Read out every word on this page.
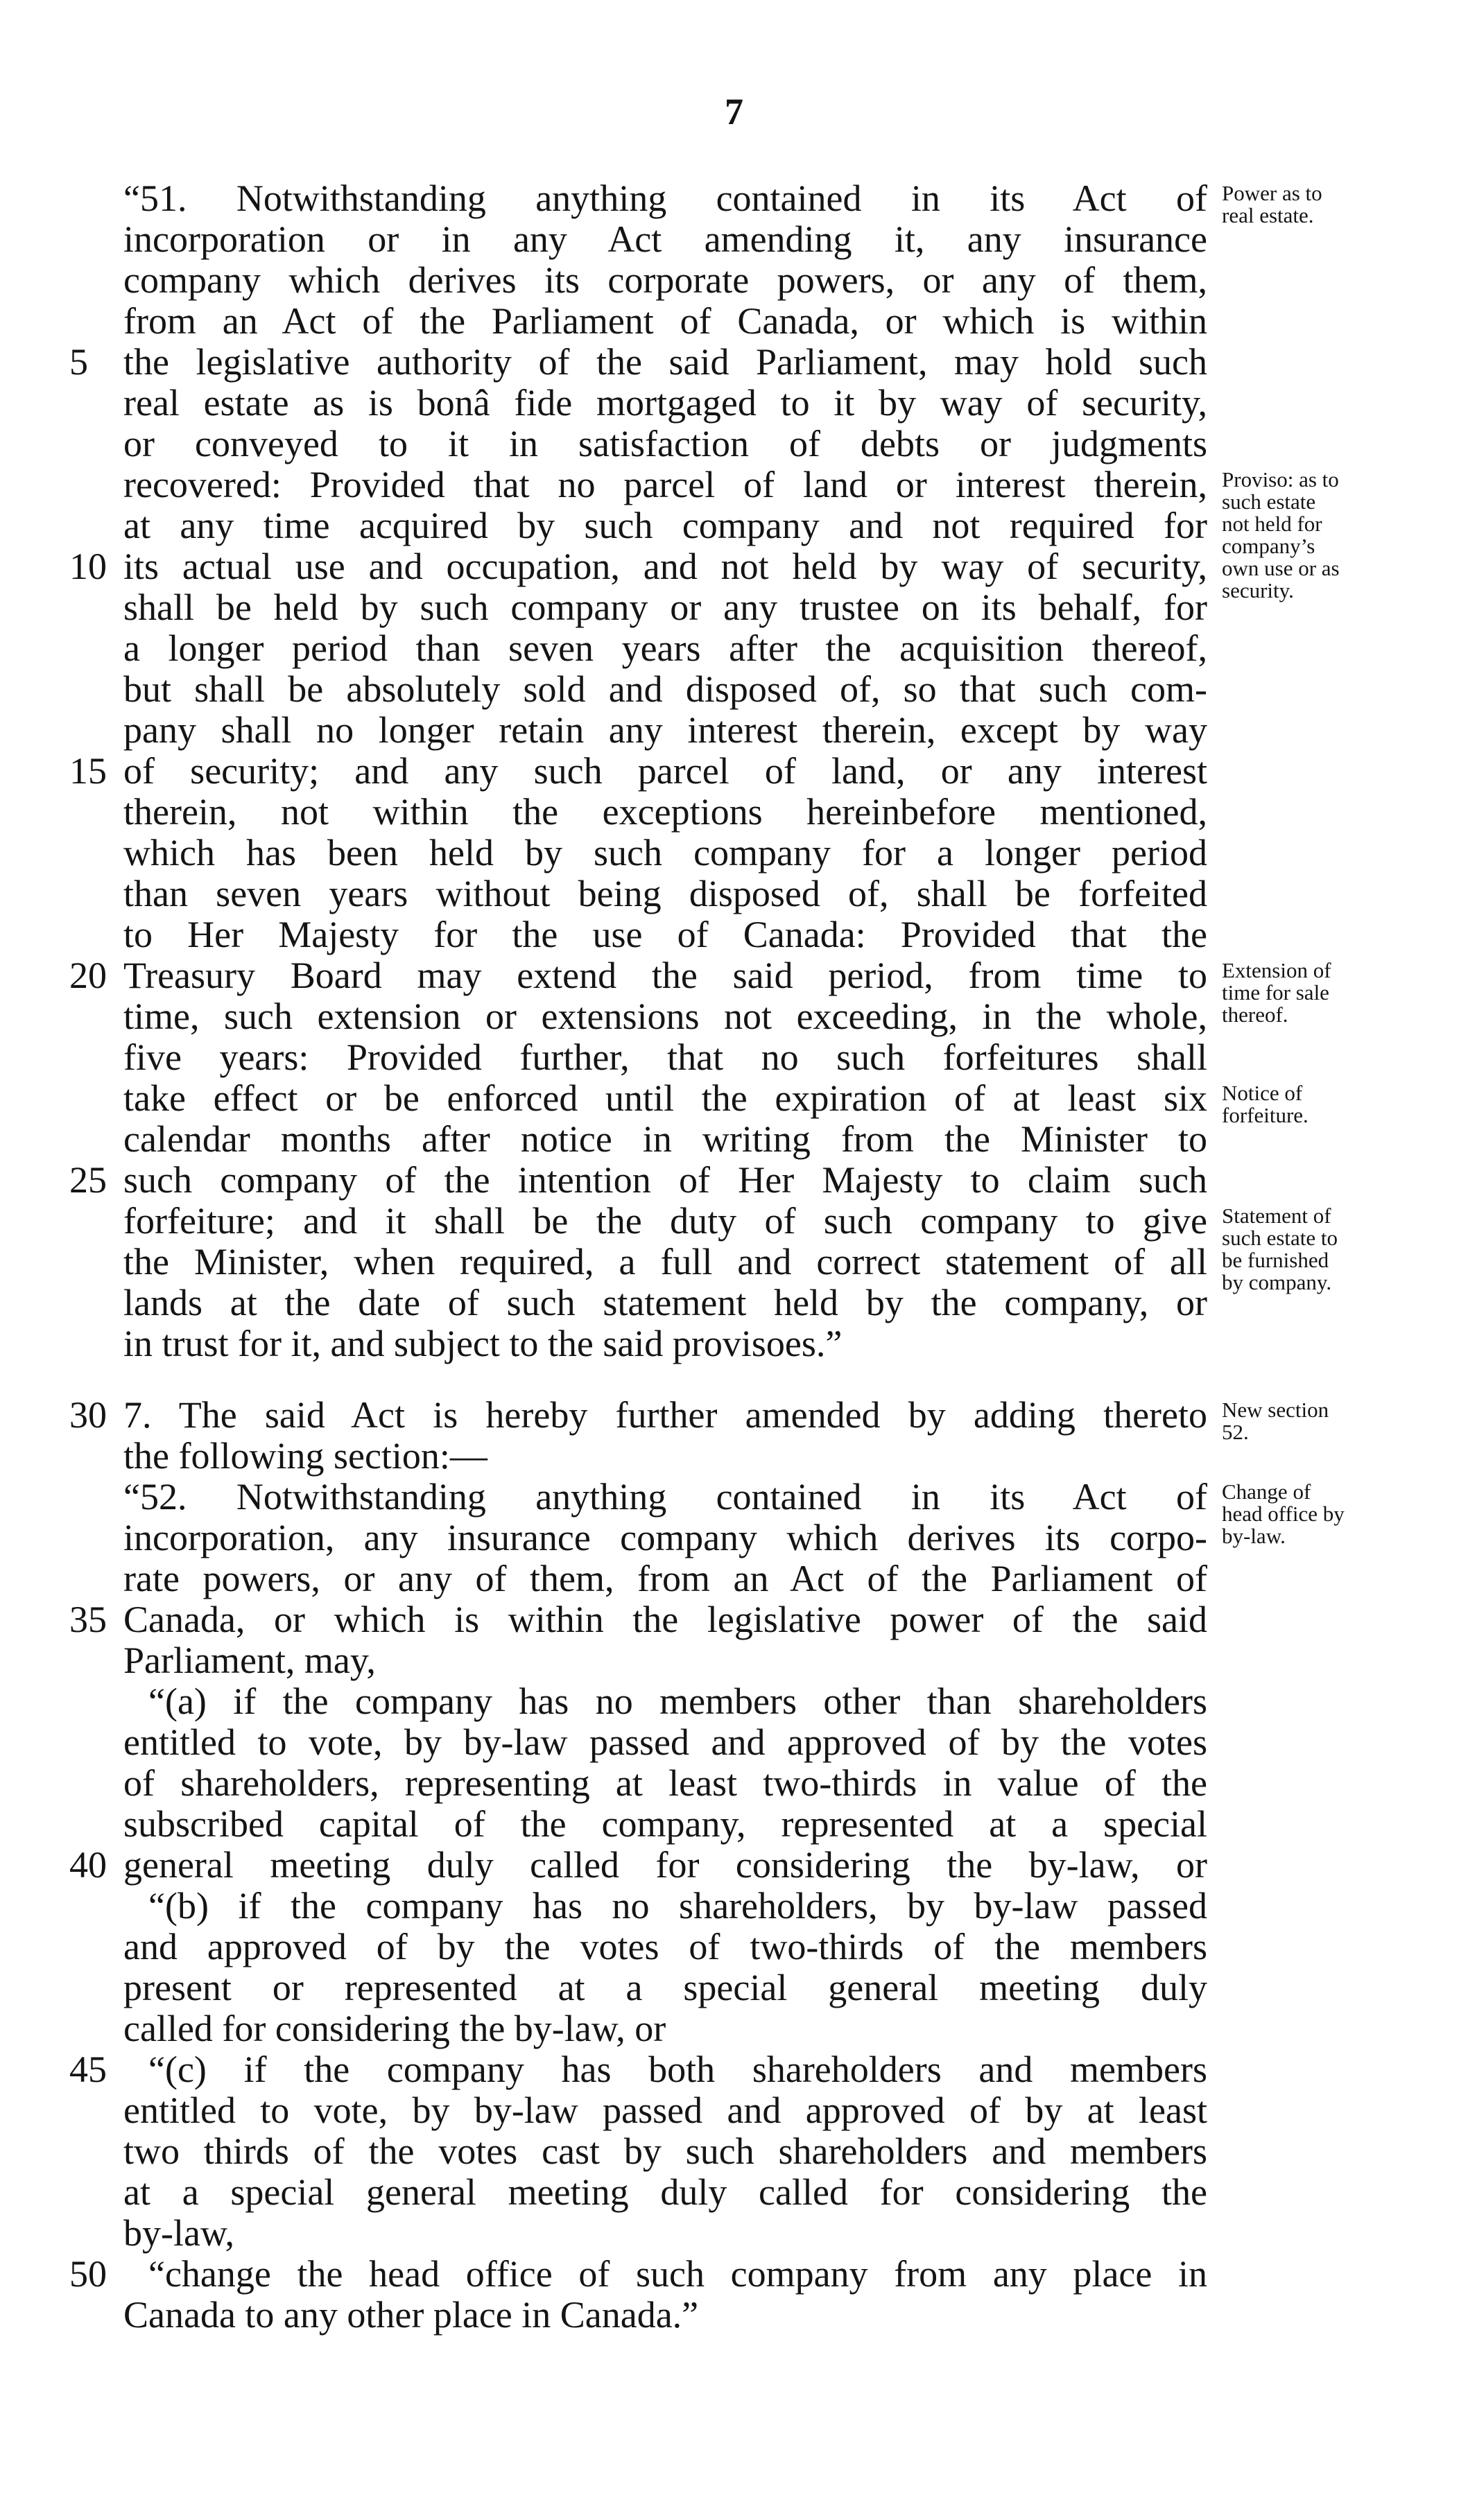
7
“51. Notwithstanding anything contained in its Act of
incorporation or in any Act amending it, any insurance
company which derives its corporate powers, or any of them,
from an Act of the Parliament of Canada, or which is within
the legislative authority of the said Parliament, may hold such
real estate as is bonâ fide mortgaged to it by way of security,
or conveyed to it in satisfaction of debts or judgments
recovered: Provided that no parcel of land or interest therein,
at any time acquired by such company and not required for
its actual use and occupation, and not held by way of security,
shall be held by such company or any trustee on its behalf, for
a longer period than seven years after the acquisition thereof,
but shall be absolutely sold and disposed of, so that such com-
pany shall no longer retain any interest therein, except by way
of security; and any such parcel of land, or any interest
therein, not within the exceptions hereinbefore mentioned,
which has been held by such company for a longer period
than seven years without being disposed of, shall be forfeited
to Her Majesty for the use of Canada: Provided that the
Treasury Board may extend the said period, from time to
time, such extension or extensions not exceeding, in the whole,
five years: Provided further, that no such forfeitures shall
take effect or be enforced until the expiration of at least six
calendar months after notice in writing from the Minister to
such company of the intention of Her Majesty to claim such
forfeiture; and it shall be the duty of such company to give
the Minister, when required, a full and correct statement of all
lands at the date of such statement held by the company, or
in trust for it, and subject to the said provisoes.”
7. The said Act is hereby further amended by adding thereto
the following section:—
“52. Notwithstanding anything contained in its Act of
incorporation, any insurance company which derives its corpo-
rate powers, or any of them, from an Act of the Parliament of
Canada, or which is within the legislative power of the said
Parliament, may,
“(a) if the company has no members other than shareholders
entitled to vote, by by-law passed and approved of by the votes
of shareholders, representing at least two-thirds in value of the
subscribed capital of the company, represented at a special
general meeting duly called for considering the by-law, or
“(b) if the company has no shareholders, by by-law passed
and approved of by the votes of two-thirds of the members
present or represented at a special general meeting duly
called for considering the by-law, or
“(c) if the company has both shareholders and members
entitled to vote, by by-law passed and approved of by at least
two thirds of the votes cast by such shareholders and members
at a special general meeting duly called for considering the
by-law,
“change the head office of such company from any place in
Canada to any other place in Canada.”
5
10
15
20
25
30
35
40
45
50
Power as to
real estate.
Proviso: as to
such estate
not held for
company’s
own use or as
security.
Extension of
time for sale
thereof.
Notice of
forfeiture.
Statement of
such estate to
be furnished
by company.
New section
52.
Change of
head office by
by-law.
